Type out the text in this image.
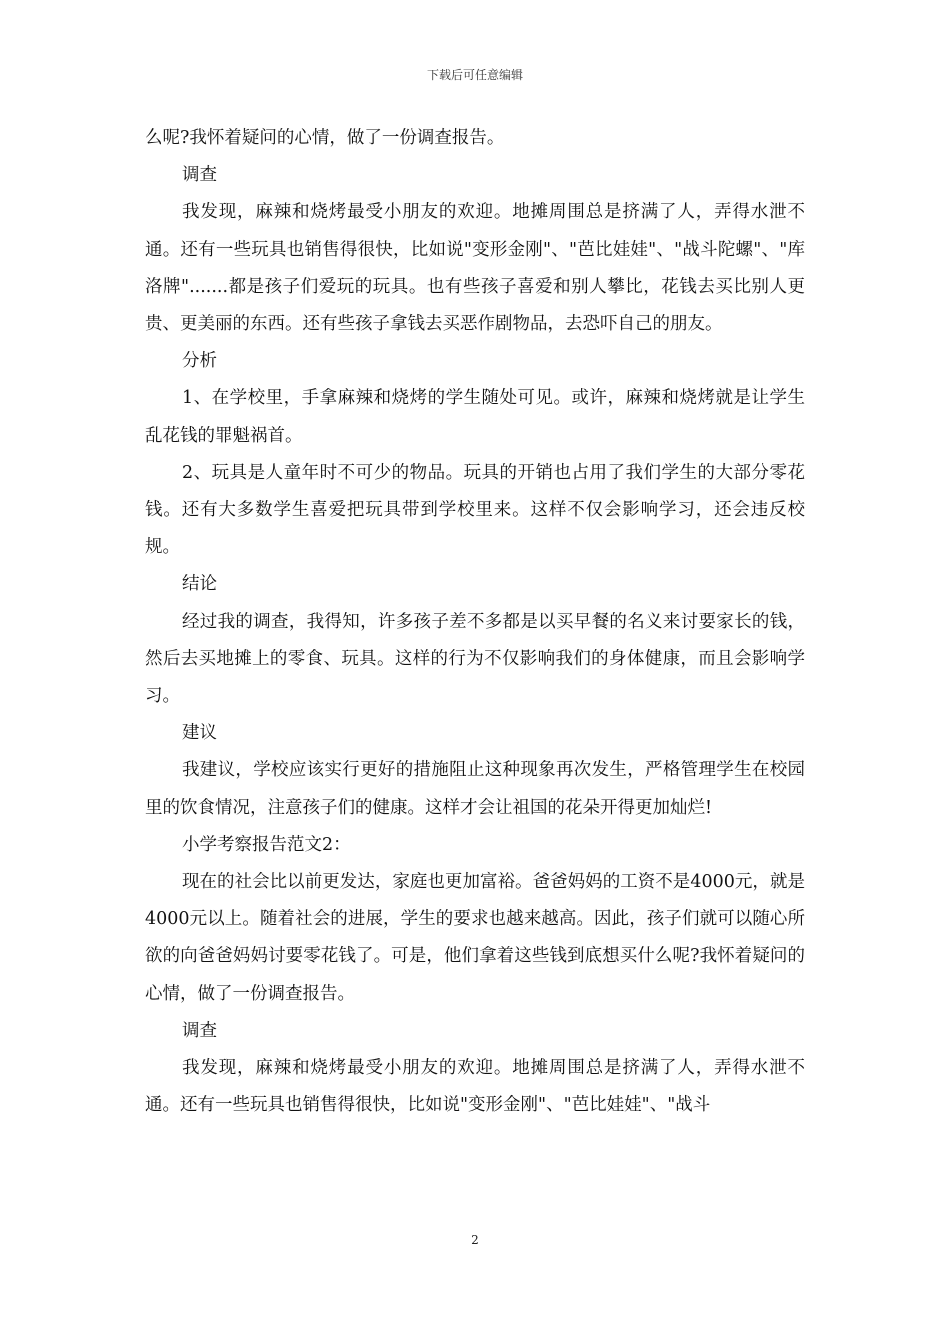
下载后可任意编辑

么呢?我怀着疑问的心情，做了一份调查报告。

调查

我发现，麻辣和烧烤最受小朋友的欢迎。地摊周围总是挤满了人，弄得水泄不通。还有一些玩具也销售得很快，比如说"变形金刚"、"芭比娃娃"、"战斗陀螺"、"库洛牌".......都是孩子们爱玩的玩具。也有些孩子喜爱和别人攀比，花钱去买比别人更贵、更美丽的东西。还有些孩子拿钱去买恶作剧物品，去恐吓自己的朋友。

分析

1、在学校里，手拿麻辣和烧烤的学生随处可见。或许，麻辣和烧烤就是让学生乱花钱的罪魁祸首。

2、玩具是人童年时不可少的物品。玩具的开销也占用了我们学生的大部分零花钱。还有大多数学生喜爱把玩具带到学校里来。这样不仅会影响学习，还会违反校规。

结论

经过我的调查，我得知，许多孩子差不多都是以买早餐的名义来讨要家长的钱，然后去买地摊上的零食、玩具。这样的行为不仅影响我们的身体健康，而且会影响学习。

建议

我建议，学校应该实行更好的措施阻止这种现象再次发生，严格管理学生在校园里的饮食情况，注意孩子们的健康。这样才会让祖国的花朵开得更加灿烂!

小学考察报告范文2：

现在的社会比以前更发达，家庭也更加富裕。爸爸妈妈的工资不是4000元，就是4000元以上。随着社会的进展，学生的要求也越来越高。因此，孩子们就可以随心所欲的向爸爸妈妈讨要零花钱了。可是，他们拿着这些钱到底想买什么呢?我怀着疑问的心情，做了一份调查报告。

调查

我发现，麻辣和烧烤最受小朋友的欢迎。地摊周围总是挤满了人，弄得水泄不通。还有一些玩具也销售得很快，比如说"变形金刚"、"芭比娃娃"、"战斗

2
